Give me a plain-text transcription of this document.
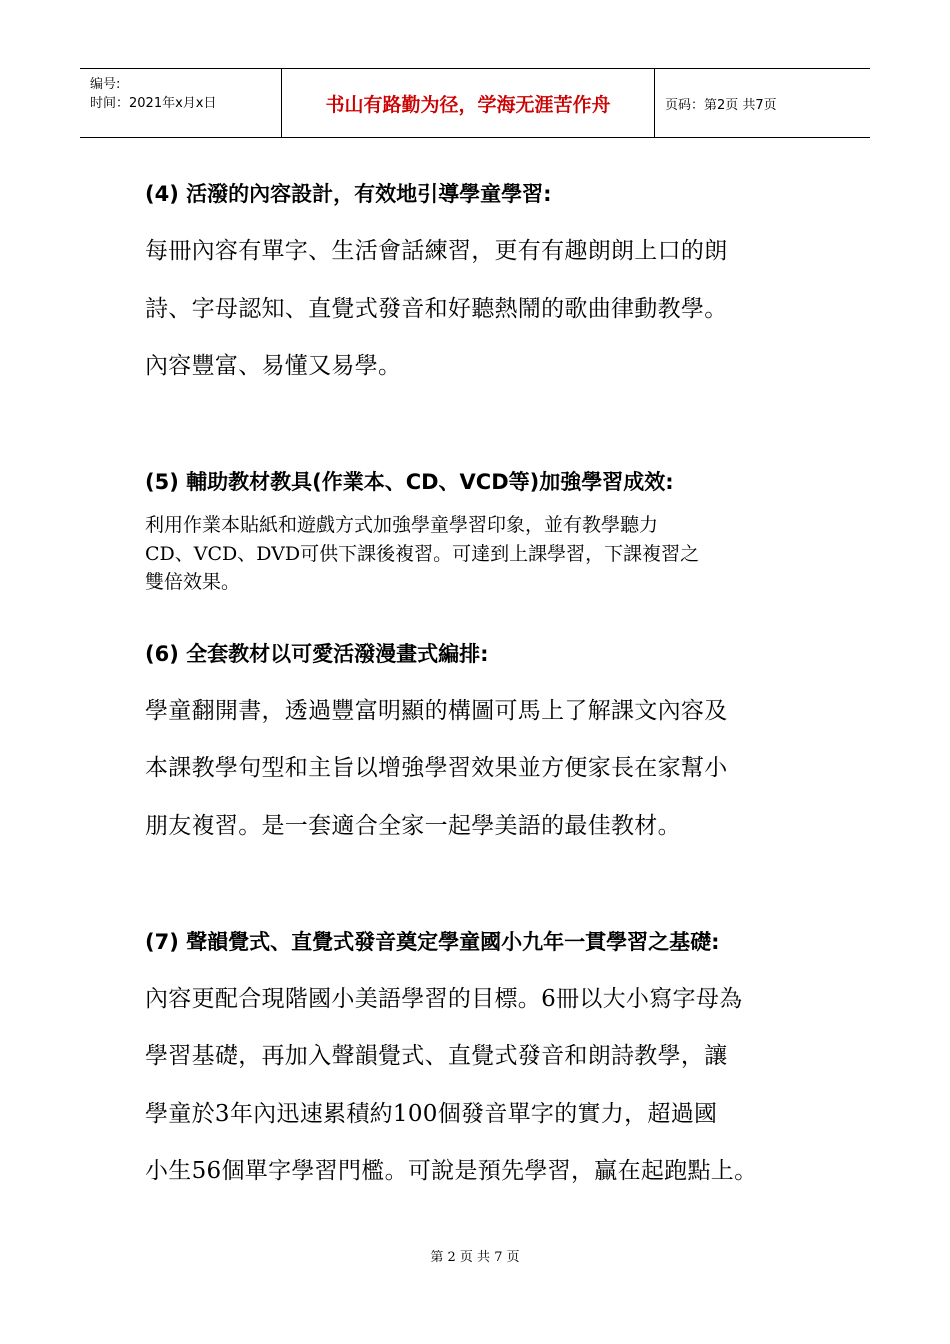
编号:
时间：2021年x月x日	书山有路勤为径，学海无涯苦作舟	页码：第2页 共7页
(4) 活潑的內容設計，有效地引導學童學習:
每冊內容有單字、生活會話練習，更有有趣朗朗上口的朗
詩、字母認知、直覺式發音和好聽熱鬧的歌曲律動教學。
內容豐富、易懂又易學。
(5) 輔助教材教具(作業本、CD、VCD等)加強學習成效:
利用作業本貼紙和遊戲方式加強學童學習印象，並有教學聽力
CD、VCD、DVD可供下課後複習。可達到上課學習，下課複習之
雙倍效果。
(6) 全套教材以可愛活潑漫畫式編排:
學童翻開書，透過豐富明顯的構圖可馬上了解課文內容及
本課教學句型和主旨以增強學習效果並方便家長在家幫小
朋友複習。是一套適合全家一起學美語的最佳教材。
(7) 聲韻覺式、直覺式發音奠定學童國小九年一貫學習之基礎:
內容更配合現階國小美語學習的目標。6冊以大小寫字母為
學習基礎，再加入聲韻覺式、直覺式發音和朗詩教學，讓
學童於3年內迅速累積約100個發音單字的實力，超過國
小生56個單字學習門檻。可說是預先學習，贏在起跑點上。
第 2 页 共 7 页
